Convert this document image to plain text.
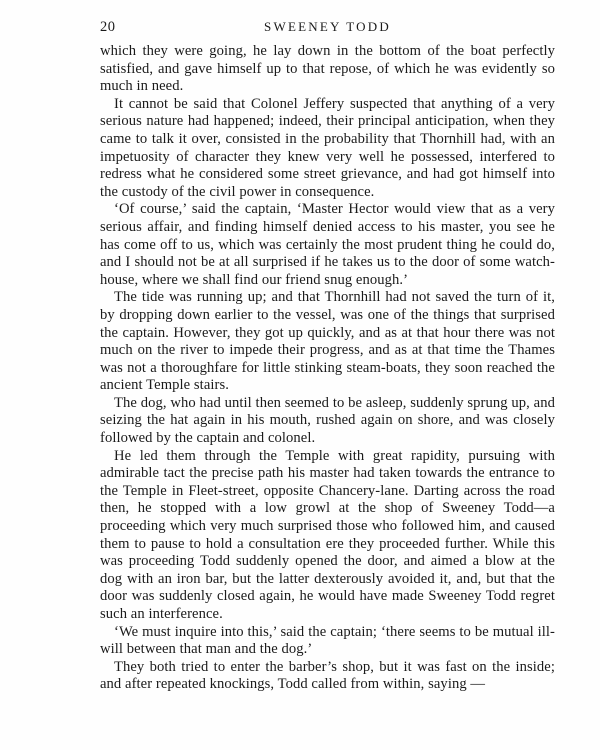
20	SWEENEY TODD

which they were going, he lay down in the bottom of the boat perfectly satisfied, and gave himself up to that repose, of which he was evidently so much in need.

It cannot be said that Colonel Jeffery suspected that anything of a very serious nature had happened; indeed, their principal anticipation, when they came to talk it over, consisted in the probability that Thornhill had, with an impetuosity of character they knew very well he possessed, interfered to redress what he considered some street grievance, and had got himself into the custody of the civil power in consequence.

‘Of course,’ said the captain, ‘Master Hector would view that as a very serious affair, and finding himself denied access to his master, you see he has come off to us, which was certainly the most prudent thing he could do, and I should not be at all surprised if he takes us to the door of some watch-house, where we shall find our friend snug enough.’

The tide was running up; and that Thornhill had not saved the turn of it, by dropping down earlier to the vessel, was one of the things that surprised the captain. However, they got up quickly, and as at that hour there was not much on the river to impede their progress, and as at that time the Thames was not a thoroughfare for little stinking steam-boats, they soon reached the ancient Temple stairs.

The dog, who had until then seemed to be asleep, suddenly sprung up, and seizing the hat again in his mouth, rushed again on shore, and was closely followed by the captain and colonel.

He led them through the Temple with great rapidity, pursuing with admirable tact the precise path his master had taken towards the entrance to the Temple in Fleet-street, opposite Chancery-lane. Darting across the road then, he stopped with a low growl at the shop of Sweeney Todd—a proceeding which very much surprised those who followed him, and caused them to pause to hold a consultation ere they proceeded further. While this was proceeding Todd suddenly opened the door, and aimed a blow at the dog with an iron bar, but the latter dexterously avoided it, and, but that the door was suddenly closed again, he would have made Sweeney Todd regret such an interference.

‘We must inquire into this,’ said the captain; ‘there seems to be mutual ill-will between that man and the dog.’

They both tried to enter the barber’s shop, but it was fast on the inside; and after repeated knockings, Todd called from within, saying —
